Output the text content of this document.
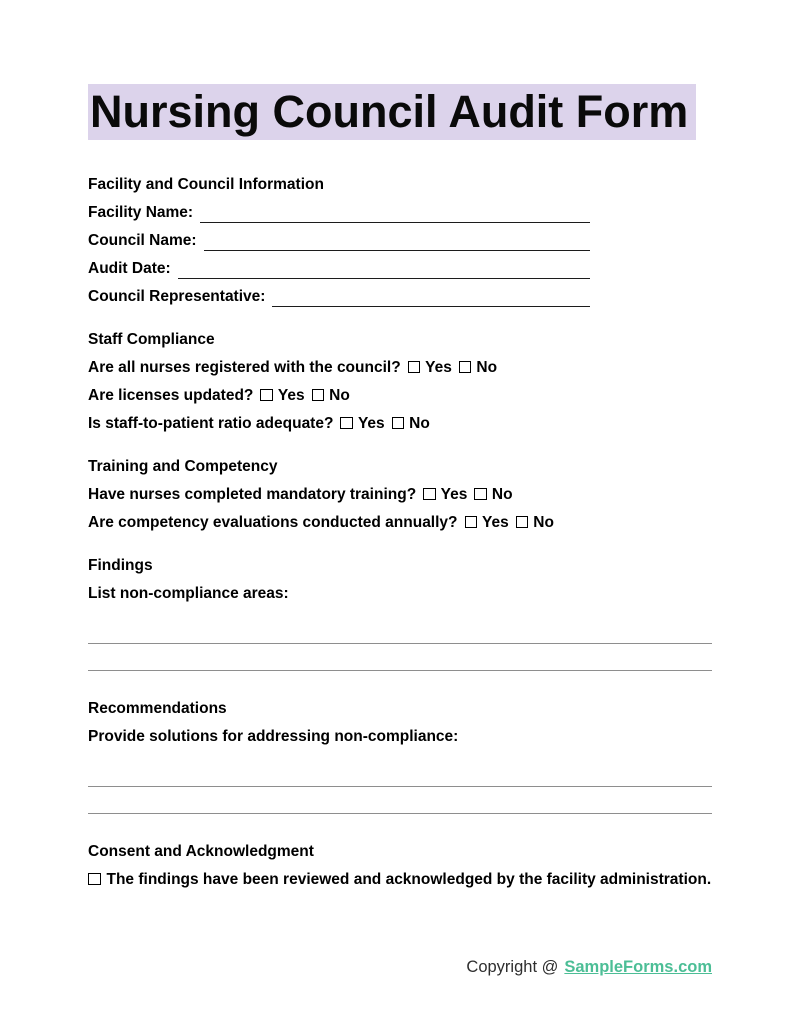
Nursing Council Audit Form

Facility and Council Information

Facility Name:
Council Name:
Audit Date:
Council Representative:

Staff Compliance

Are all nurses registered with the council? Yes No

Are licenses updated? Yes No

Is staff-to-patient ratio adequate? Yes No

Training and Competency

Have nurses completed mandatory training? Yes No

Are competency evaluations conducted annually? Yes No

Findings

List non-compliance areas:

Recommendations

Provide solutions for addressing non-compliance:

Consent and Acknowledgment

The findings have been reviewed and acknowledged by the facility administration.

Copyright @ SampleForms.com
